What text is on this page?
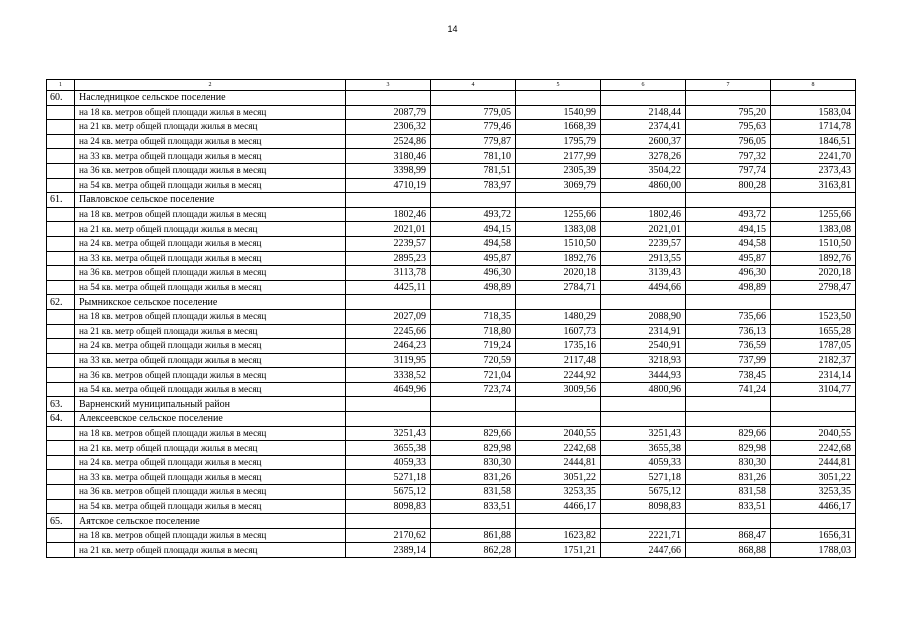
14
1	2	3	4	5	6	7	8
60.	Наследницкое сельское поселение						
	на 18 кв. метров общей площади жилья в месяц	2087,79	779,05	1540,99	2148,44	795,20	1583,04
	на 21 кв. метр общей площади жилья в месяц	2306,32	779,46	1668,39	2374,41	795,63	1714,78
	на 24 кв. метра общей площади жилья в месяц	2524,86	779,87	1795,79	2600,37	796,05	1846,51
	на 33 кв. метра общей площади жилья в месяц	3180,46	781,10	2177,99	3278,26	797,32	2241,70
	на 36 кв. метров общей площади жилья в месяц	3398,99	781,51	2305,39	3504,22	797,74	2373,43
	на 54 кв. метра общей площади жилья в месяц	4710,19	783,97	3069,79	4860,00	800,28	3163,81
61.	Павловское сельское поселение						
	на 18 кв. метров общей площади жилья в месяц	1802,46	493,72	1255,66	1802,46	493,72	1255,66
	на 21 кв. метр общей площади жилья в месяц	2021,01	494,15	1383,08	2021,01	494,15	1383,08
	на 24 кв. метра общей площади жилья в месяц	2239,57	494,58	1510,50	2239,57	494,58	1510,50
	на 33 кв. метра общей площади жилья в месяц	2895,23	495,87	1892,76	2913,55	495,87	1892,76
	на 36 кв. метров общей площади жилья в месяц	3113,78	496,30	2020,18	3139,43	496,30	2020,18
	на 54 кв. метра общей площади жилья в месяц	4425,11	498,89	2784,71	4494,66	498,89	2798,47
62.	Рымникское сельское поселение						
	на 18 кв. метров общей площади жилья в месяц	2027,09	718,35	1480,29	2088,90	735,66	1523,50
	на 21 кв. метр общей площади жилья в месяц	2245,66	718,80	1607,73	2314,91	736,13	1655,28
	на 24 кв. метра общей площади жилья в месяц	2464,23	719,24	1735,16	2540,91	736,59	1787,05
	на 33 кв. метра общей площади жилья в месяц	3119,95	720,59	2117,48	3218,93	737,99	2182,37
	на 36 кв. метров общей площади жилья в месяц	3338,52	721,04	2244,92	3444,93	738,45	2314,14
	на 54 кв. метра общей площади жилья в месяц	4649,96	723,74	3009,56	4800,96	741,24	3104,77
63.	Варненский муниципальный район						
64.	Алексеевское сельское поселение						
	на 18 кв. метров общей площади жилья в месяц	3251,43	829,66	2040,55	3251,43	829,66	2040,55
	на 21 кв. метр общей площади жилья в месяц	3655,38	829,98	2242,68	3655,38	829,98	2242,68
	на 24 кв. метра общей площади жилья в месяц	4059,33	830,30	2444,81	4059,33	830,30	2444,81
	на 33 кв. метра общей площади жилья в месяц	5271,18	831,26	3051,22	5271,18	831,26	3051,22
	на 36 кв. метров общей площади жилья в месяц	5675,12	831,58	3253,35	5675,12	831,58	3253,35
	на 54 кв. метра общей площади жилья в месяц	8098,83	833,51	4466,17	8098,83	833,51	4466,17
65.	Аятское сельское поселение						
	на 18 кв. метров общей площади жилья в месяц	2170,62	861,88	1623,82	2221,71	868,47	1656,31
	на 21 кв. метр общей площади жилья в месяц	2389,14	862,28	1751,21	2447,66	868,88	1788,03
